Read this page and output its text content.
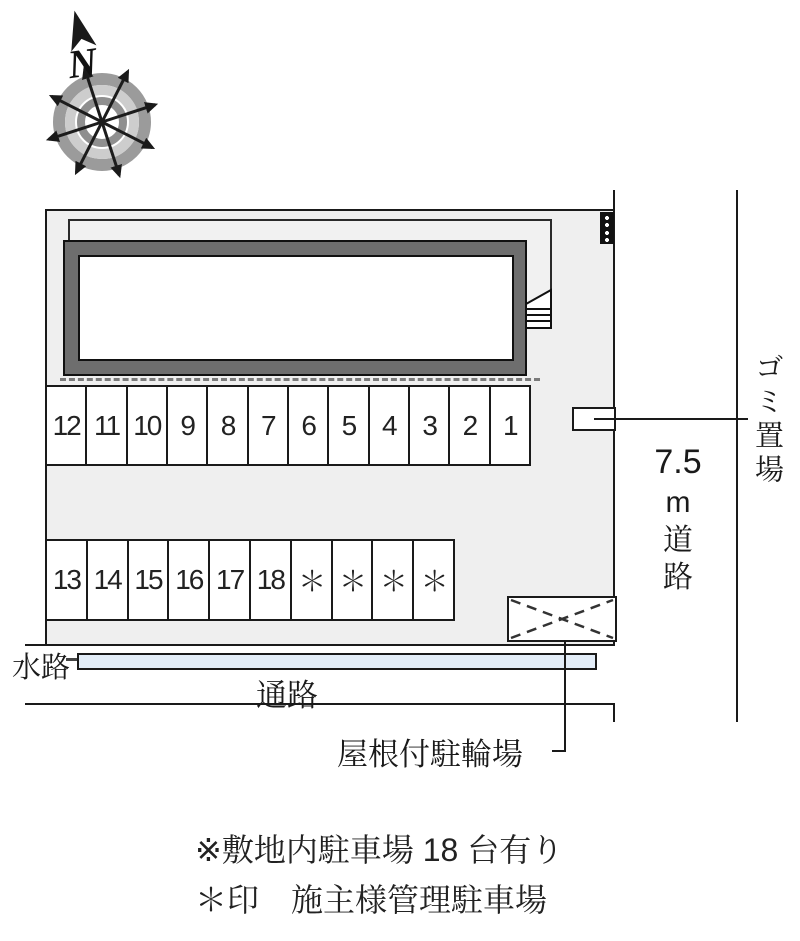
N
12 11 10 9 8 7 6 5 4 3 2 1
13 14 15 16 17 18 ＊ ＊ ＊ ＊
ゴミ置場
7.5
m
道
路
屋根付駐輪場
水路
通路
※敷地内駐車場 18 台有り
＊印　施主様管理駐車場
